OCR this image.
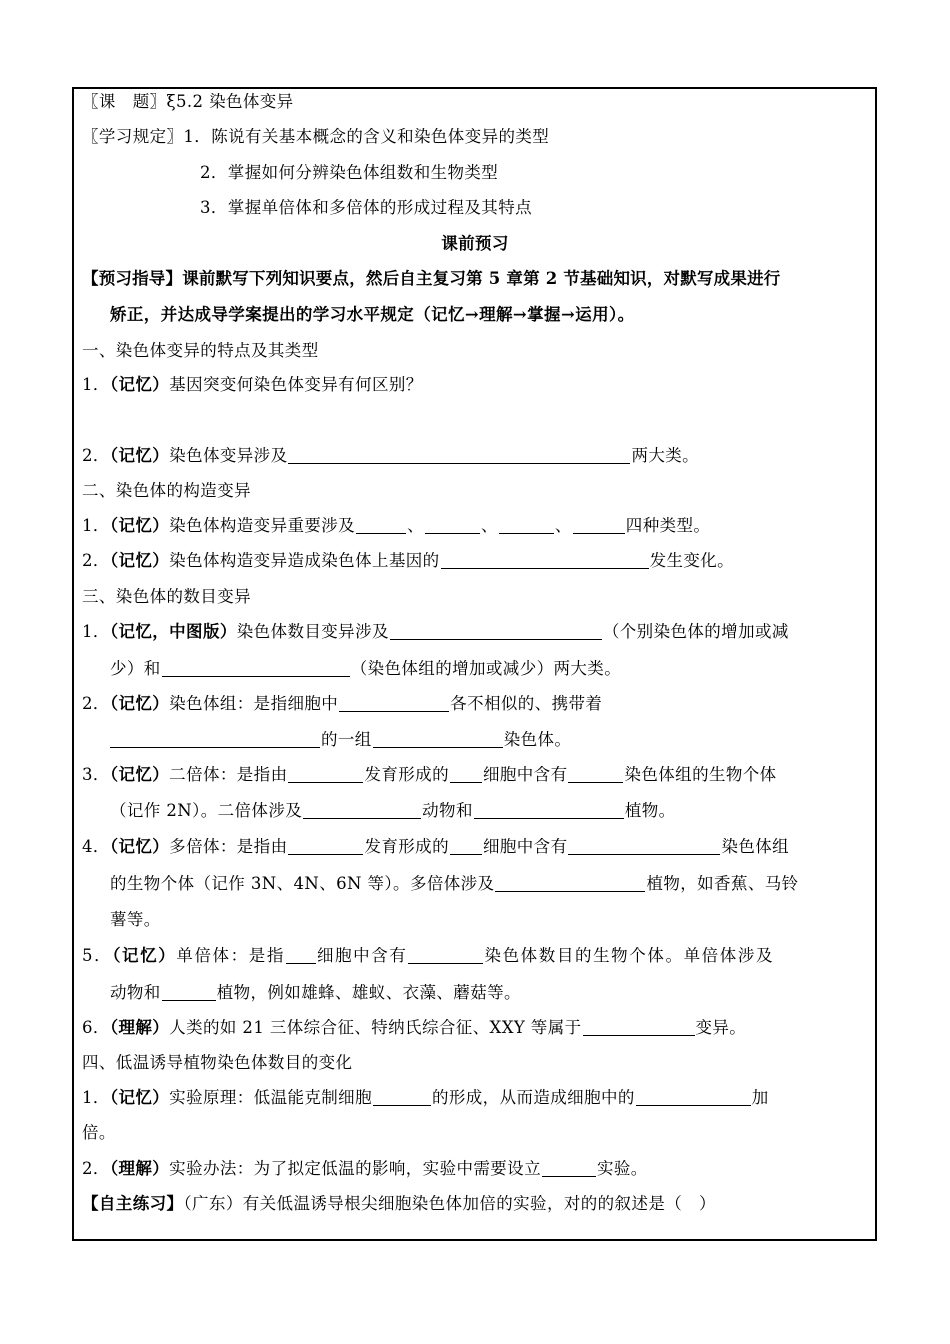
〖课　题〗ξ5.2 染色体变异
〖学习规定〗1．陈说有关基本概念的含义和染色体变异的类型
2．掌握如何分辨染色体组数和生物类型
3．掌握单倍体和多倍体的形成过程及其特点
课前预习
【预习指导】课前默写下列知识要点，然后自主复习第 5 章第 2 节基础知识，对默写成果进行
矫正，并达成导学案提出的学习水平规定（记忆→理解→掌握→运用）。
一、染色体变异的特点及其类型
1．（记忆）基因突变何染色体变异有何区别？
2．（记忆）染色体变异涉及	两大类。
二、染色体的构造变异
1．（记忆）染色体构造变异重要涉及	、	、	、	四种类型。
2．（记忆）染色体构造变异造成染色体上基因的	发生变化。
三、染色体的数目变异
1．（记忆，中图版）染色体数目变异涉及	（个别染色体的增加或减
少）和	（染色体组的增加或减少）两大类。
2．（记忆）染色体组：是指细胞中	各不相似的、携带着
的一组	染色体。
3．（记忆）二倍体：是指由	发育形成的 细胞中含有	染色体组的生物个体
（记作 2N）。二倍体涉及	动物和	植物。
4．（记忆）多倍体：是指由	发育形成的 细胞中含有	染色体组
的生物个体（记作 3N、4N、6N 等）。多倍体涉及	植物，如香蕉、马铃
薯等。
5．（记忆）单倍体：是指 细胞中含有	染色体数目的生物个体。单倍体涉及
动物和	植物，例如雄蜂、雄蚁、衣藻、蘑菇等。
6．（理解）人类的如 21 三体综合征、特纳氏综合征、XXY 等属于	变异。
四、低温诱导植物染色体数目的变化
1．（记忆）实验原理：低温能克制细胞	的形成，从而造成细胞中的	加
倍。
2．（理解）实验办法：为了拟定低温的影响，实验中需要设立	实验。
【自主练习】（广东）有关低温诱导根尖细胞染色体加倍的实验，对的的叙述是（　）
